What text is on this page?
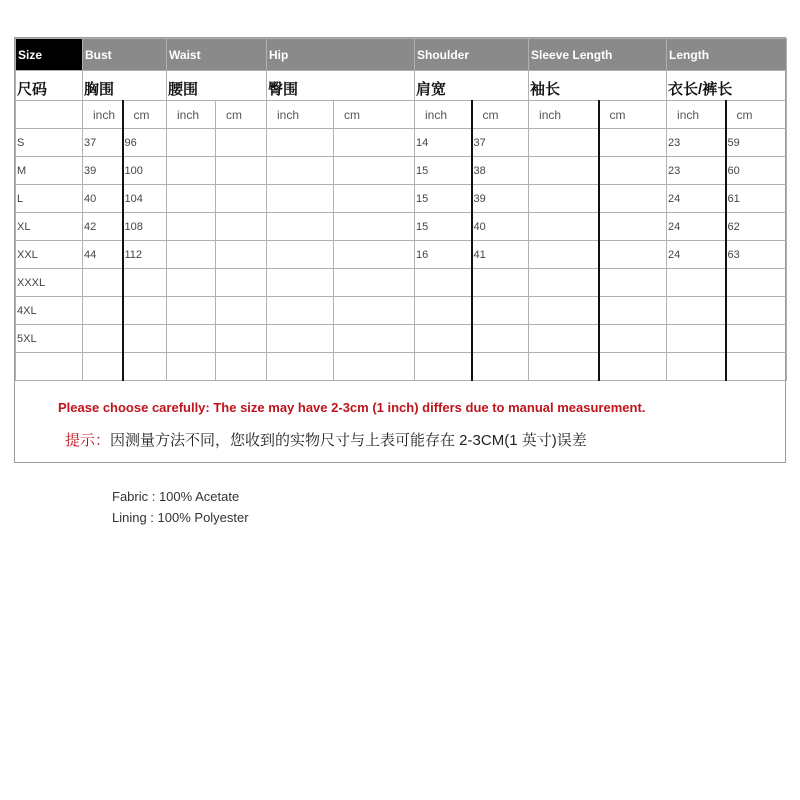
Size	Bust		Waist		Hip		Shoulder		Sleeve Length		Length	
尺码	胸围		腰围		臀围		肩宽		袖长		衣长/裤长	
	inch	cm	inch	cm	inch	cm	inch	cm	inch	cm	inch	cm
S	37	96					14	37			23	59
M	39	100					15	38			23	60
L	40	104					15	39			24	61
XL	42	108					15	40			24	62
XXL	44	112					16	41			24	63
XXXL												
4XL												
5XL												

Please choose carefully: The size may have 2-3cm (1 inch) differs due to manual measurement.
提示：因测量方法不同，您收到的实物尺寸与上表可能存在 2-3CM(1 英寸)误差
Fabric : 100% Acetate
Lining : 100% Polyester
